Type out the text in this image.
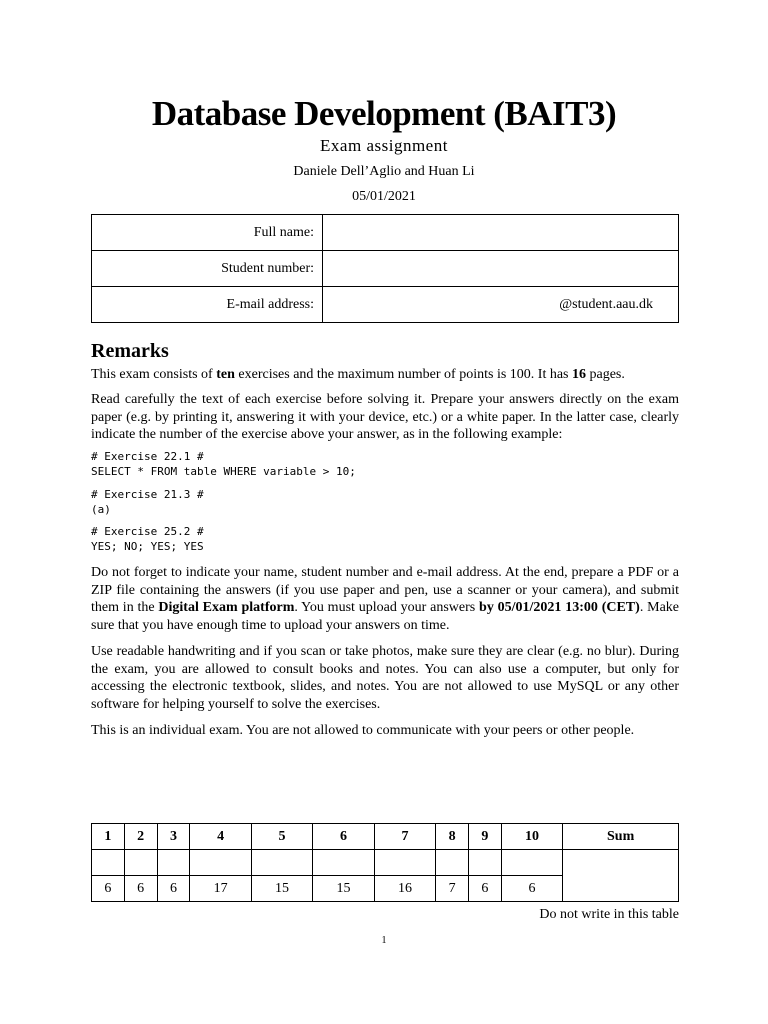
Database Development (BAIT3)
Exam assignment
Daniele Dell’Aglio and Huan Li
05/01/2021
Full name:	
Student number:	
E-mail address:	@student.aau.dk
Remarks
This exam consists of ten exercises and the maximum number of points is 100. It has 16 pages.
Read carefully the text of each exercise before solving it. Prepare your answers directly on the exam paper (e.g. by printing it, answering it with your device, etc.) or a white paper. In the latter case, clearly indicate the number of the exercise above your answer, as in the following example:
# Exercise 22.1 #
SELECT * FROM table WHERE variable > 10;
# Exercise 21.3 #
(a)
# Exercise 25.2 #
YES; NO; YES; YES
Do not forget to indicate your name, student number and e-mail address. At the end, prepare a PDF or a ZIP file containing the answers (if you use paper and pen, use a scanner or your camera), and submit them in the Digital Exam platform. You must upload your answers by 05/01/2021 13:00 (CET). Make sure that you have enough time to upload your answers on time.
Use readable handwriting and if you scan or take photos, make sure they are clear (e.g. no blur). During the exam, you are allowed to consult books and notes. You can also use a computer, but only for accessing the electronic textbook, slides, and notes. You are not allowed to use MySQL or any other software for helping yourself to solve the exercises.
This is an individual exam. You are not allowed to communicate with your peers or other people.
1	2	3	4	5	6	7	8	9	10	Sum

6	6	6	17	15	15	16	7	6	6	
Do not write in this table
1
